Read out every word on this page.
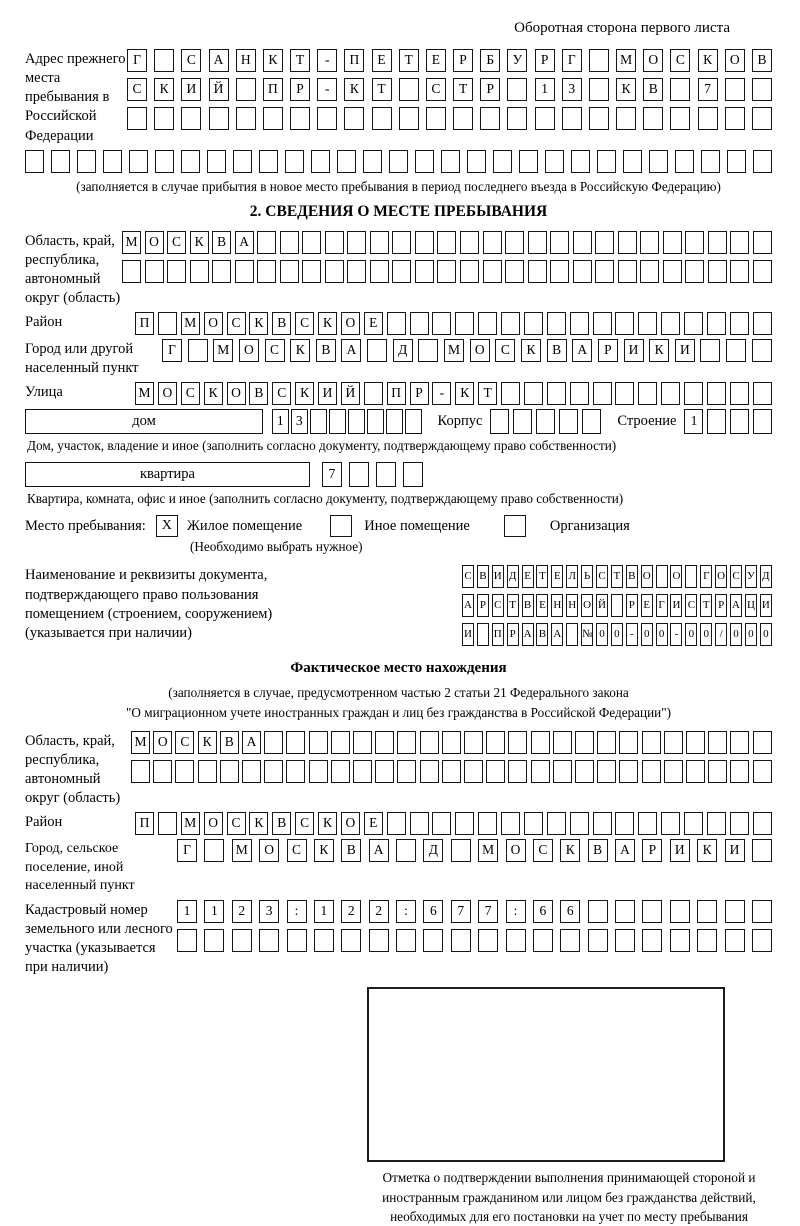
Оборотная сторона первого листа
Адрес прежнего места пребывания в Российской Федерации
Г	С	А	Н	К	Т	-	П	Е	Т	Е	Р	Б	У	Р	Г	М	О	С	К	О	В
С	К	И	Й	П	Р	-	К	Т	С	Т	Р	1	3	К	В	7
(заполняется в случае прибытия в новое место пребывания в период последнего въезда в Российскую Федерацию)
2. СВЕДЕНИЯ О МЕСТЕ ПРЕБЫВАНИЯ
Область, край, республика, автономный округ (область)
М О С	К	В А
Район	П	М О С	К	В	С	К	О	Е
Город или другой населенный пункт
Г	М	О	С	К	В	А	Д	М	О	С	К	В	А	Р	И	К	И
Улица	М О С	К	О В	С	К	И Й	П	Р	-	К	Т
дом	1 3	Корпус	Строение	1
Дом, участок, владение и иное (заполнить согласно документу, подтверждающему право собственности)
квартира	7
Квартира, комната, офис и иное (заполнить согласно документу, подтверждающему право собственности)
Место пребывания:	X	Жилое помещение	Иное помещение	Организация
(Необходимо выбрать нужное)
Наименование и реквизиты документа, подтверждающего право пользования помещением (строением, сооружением) (указывается при наличии)
С В И Д Е Т Е Л Ь С Т В О О Г О С У Д
А Р С Т В Е Н Н О Й Р Е Г И С Т Р А Ц И
И П Р А В А № 0 0 - 0 0 - 0 0 / 0 0 0
Фактическое место нахождения
(заполняется в случае, предусмотренном частью 2 статьи 21 Федерального закона
"О миграционном учете иностранных граждан и лиц без гражданства в Российской Федерации")
Область, край, республика, автономный округ (область)
М О С К В А
Район	П	М О С	К	В	С	К	О	Е
Город, сельское поселение, иной населенный пункт
Г	М	О	С	К	В	А	Д	М	О	С	К	В	А	Р	И	К	И
Кадастровый номер земельного или лесного участка (указывается при наличии)
1	1	2	3	:	1	2	2	:	6	7	7	:	6	6
Отметка о подтверждении выполнения принимающей стороной и иностранным гражданином или лицом без гражданства действий, необходимых для его постановки на учет по месту пребывания
